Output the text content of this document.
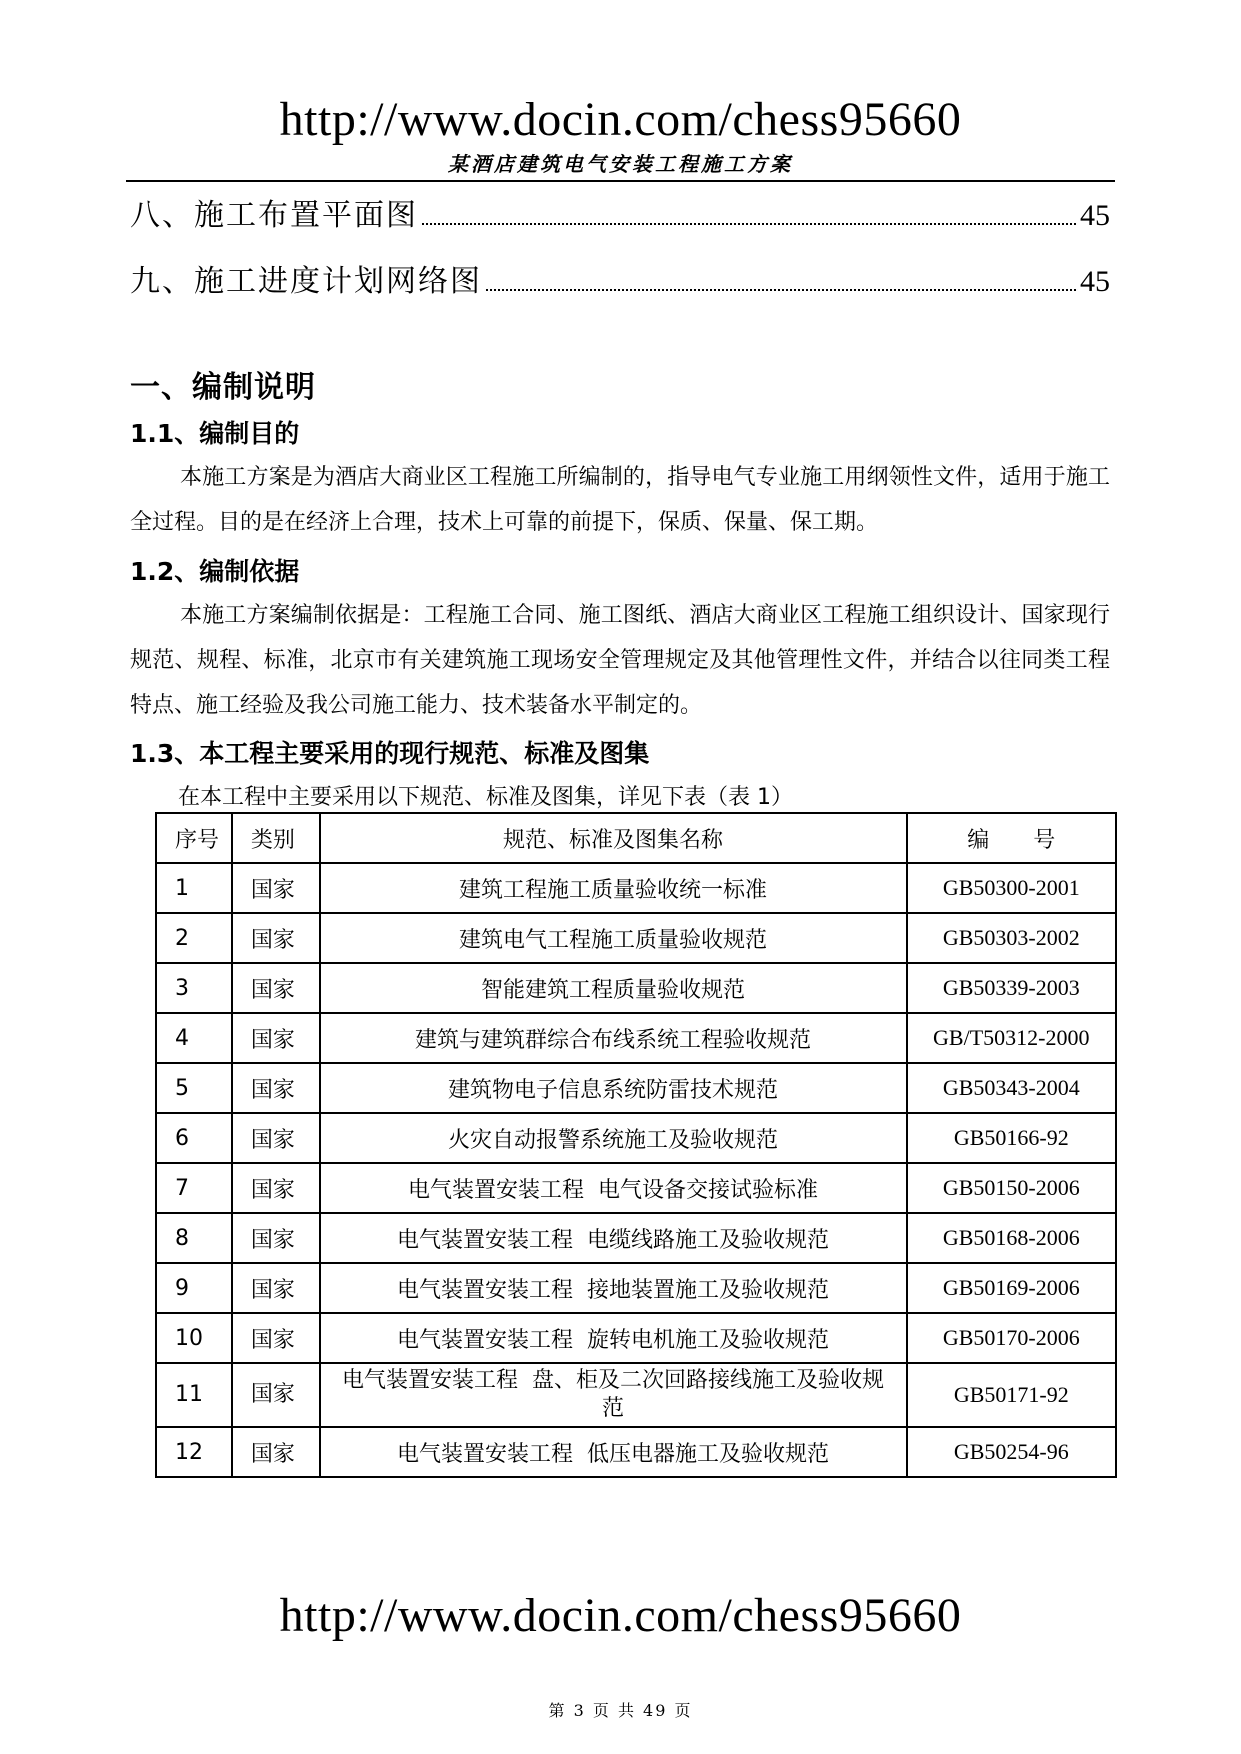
http://www.docin.com/chess95660
某酒店建筑电气安装工程施工方案
八、施工布置平面图	45
九、施工进度计划网络图	45
一、编制说明
1.1、编制目的

本施工方案是为酒店大商业区工程施工所编制的，指导电气专业施工用纲领性文件，适用于施工全过程。目的是在经济上合理，技术上可靠的前提下，保质、保量、保工期。

1.2、编制依据

本施工方案编制依据是：工程施工合同、施工图纸、酒店大商业区工程施工组织设计、国家现行规范、规程、标准，北京市有关建筑施工现场安全管理规定及其他管理性文件，并结合以往同类工程特点、施工经验及我公司施工能力、技术装备水平制定的。

1.3、本工程主要采用的现行规范、标准及图集
在本工程中主要采用以下规范、标准及图集，详见下表（表 1）
序号	类别	规范、标准及图集名称	编　　号
1	国家	建筑工程施工质量验收统一标准	GB50300-2001
2	国家	建筑电气工程施工质量验收规范	GB50303-2002
3	国家	智能建筑工程质量验收规范	GB50339-2003
4	国家	建筑与建筑群综合布线系统工程验收规范	GB/T50312-2000
5	国家	建筑物电子信息系统防雷技术规范	GB50343-2004
6	国家	火灾自动报警系统施工及验收规范	GB50166-92
7	国家	电气装置安装工程  电气设备交接试验标准	GB50150-2006
8	国家	电气装置安装工程  电缆线路施工及验收规范	GB50168-2006
9	国家	电气装置安装工程  接地装置施工及验收规范	GB50169-2006
10	国家	电气装置安装工程  旋转电机施工及验收规范	GB50170-2006
11	国家	电气装置安装工程  盘、柜及二次回路接线施工及验收规范	GB50171-92
12	国家	电气装置安装工程  低压电器施工及验收规范	GB50254-96
http://www.docin.com/chess95660
第 3 页 共 49 页
